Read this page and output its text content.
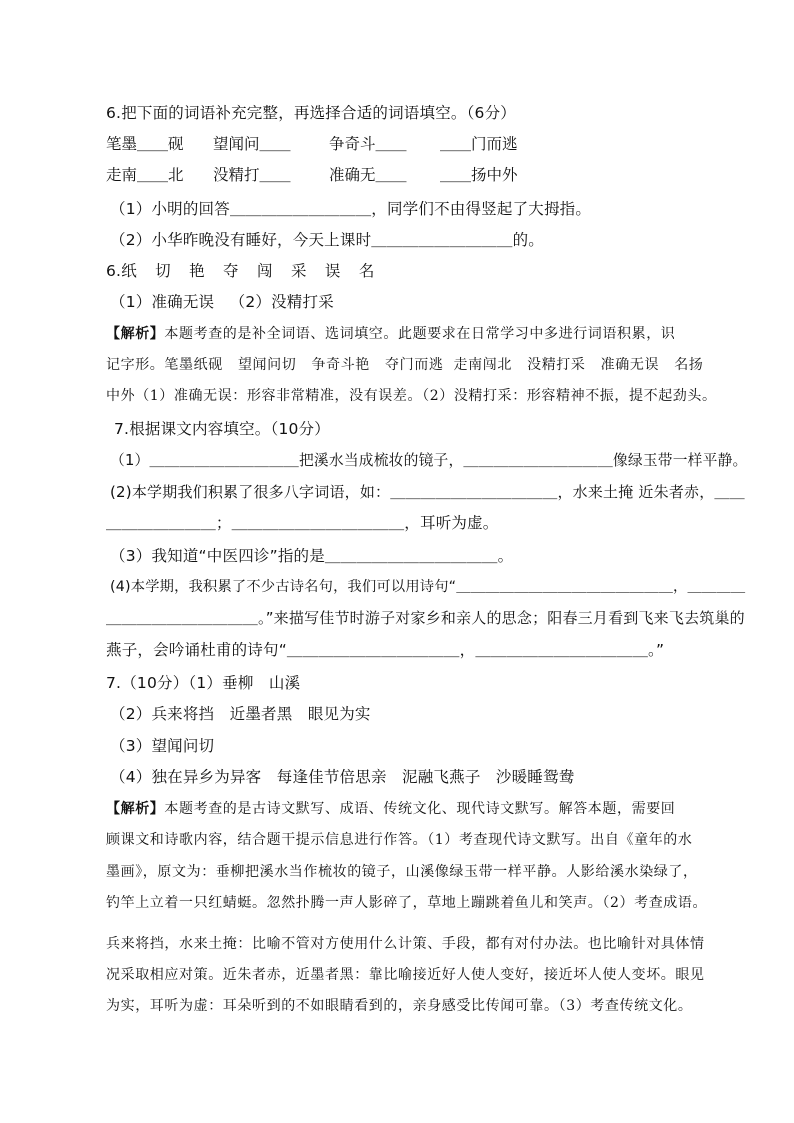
6.把下面的词语补充完整，再选择合适的词语填空。（6分）
笔墨＿＿砚 望闻问＿＿ 争奇斗＿＿ ＿＿门而逃
走南＿＿北 没精打＿＿ 准确无＿＿ ＿＿扬中外
（1）小明的回答＿＿＿＿＿＿＿＿＿，同学们不由得竖起了大拇指。
（2）小华昨晚没有睡好，今天上课时＿＿＿＿＿＿＿＿＿的。
6.纸  切  艳  夺  闯  采  误  名
（1）准确无误   （2）没精打采
【解析】本题考查的是补全词语、选词填空。此题要求在日常学习中多进行词语积累，识
记字形。笔墨纸砚   望闻问切   争奇斗艳   夺门而逃  走南闯北   没精打采   准确无误   名扬
中外（1）准确无误：形容非常精准，没有误差。（2）没精打采：形容精神不振，提不起劲头。
7.根据课文内容填空。（10分）
（1）＿＿＿＿＿＿＿＿＿＿把溪水当成梳妆的镜子，＿＿＿＿＿＿＿＿＿＿像绿玉带一样平静。
(2)本学期我们积累了很多八字词语，如：＿＿＿＿＿＿＿＿＿＿＿，水来土掩 近朱者赤，＿＿
＿＿＿＿＿＿＿；＿＿＿＿＿＿＿＿＿＿＿，耳听为虚。
（3）我知道“中医四诊”指的是＿＿＿＿＿＿＿＿＿＿＿。
(4)本学期，我积累了不少古诗名句，我们可以用诗句“＿＿＿＿＿＿＿＿＿＿＿＿＿＿＿，＿＿＿＿
＿＿＿＿＿＿＿＿＿＿。”来描写佳节时游子对家乡和亲人的思念；阳春三月看到飞来飞去筑巢的
燕子，会吟诵杜甫的诗句“＿＿＿＿＿＿＿＿＿＿＿，＿＿＿＿＿＿＿＿＿＿＿。”
7.（10分）（1）垂柳   山溪
（2）兵来将挡   近墨者黑   眼见为实
（3）望闻问切
（4）独在异乡为异客   每逢佳节倍思亲   泥融飞燕子   沙暖睡鸳鸯
【解析】本题考查的是古诗文默写、成语、传统文化、现代诗文默写。解答本题，需要回
顾课文和诗歌内容，结合题干提示信息进行作答。（1）考查现代诗文默写。出自《童年的水
墨画》，原文为：垂柳把溪水当作梳妆的镜子，山溪像绿玉带一样平静。人影给溪水染绿了，
钓竿上立着一只红蜻蜓。忽然扑腾一声人影碎了，草地上蹦跳着鱼儿和笑声。（2）考查成语。
兵来将挡，水来土掩：比喻不管对方使用什么计策、手段，都有对付办法。也比喻针对具体情
况采取相应对策。近朱者赤，近墨者黑：靠比喻接近好人使人变好，接近坏人使人变坏。眼见
为实，耳听为虚：耳朵听到的不如眼睛看到的，亲身感受比传闻可靠。（3）考查传统文化。
